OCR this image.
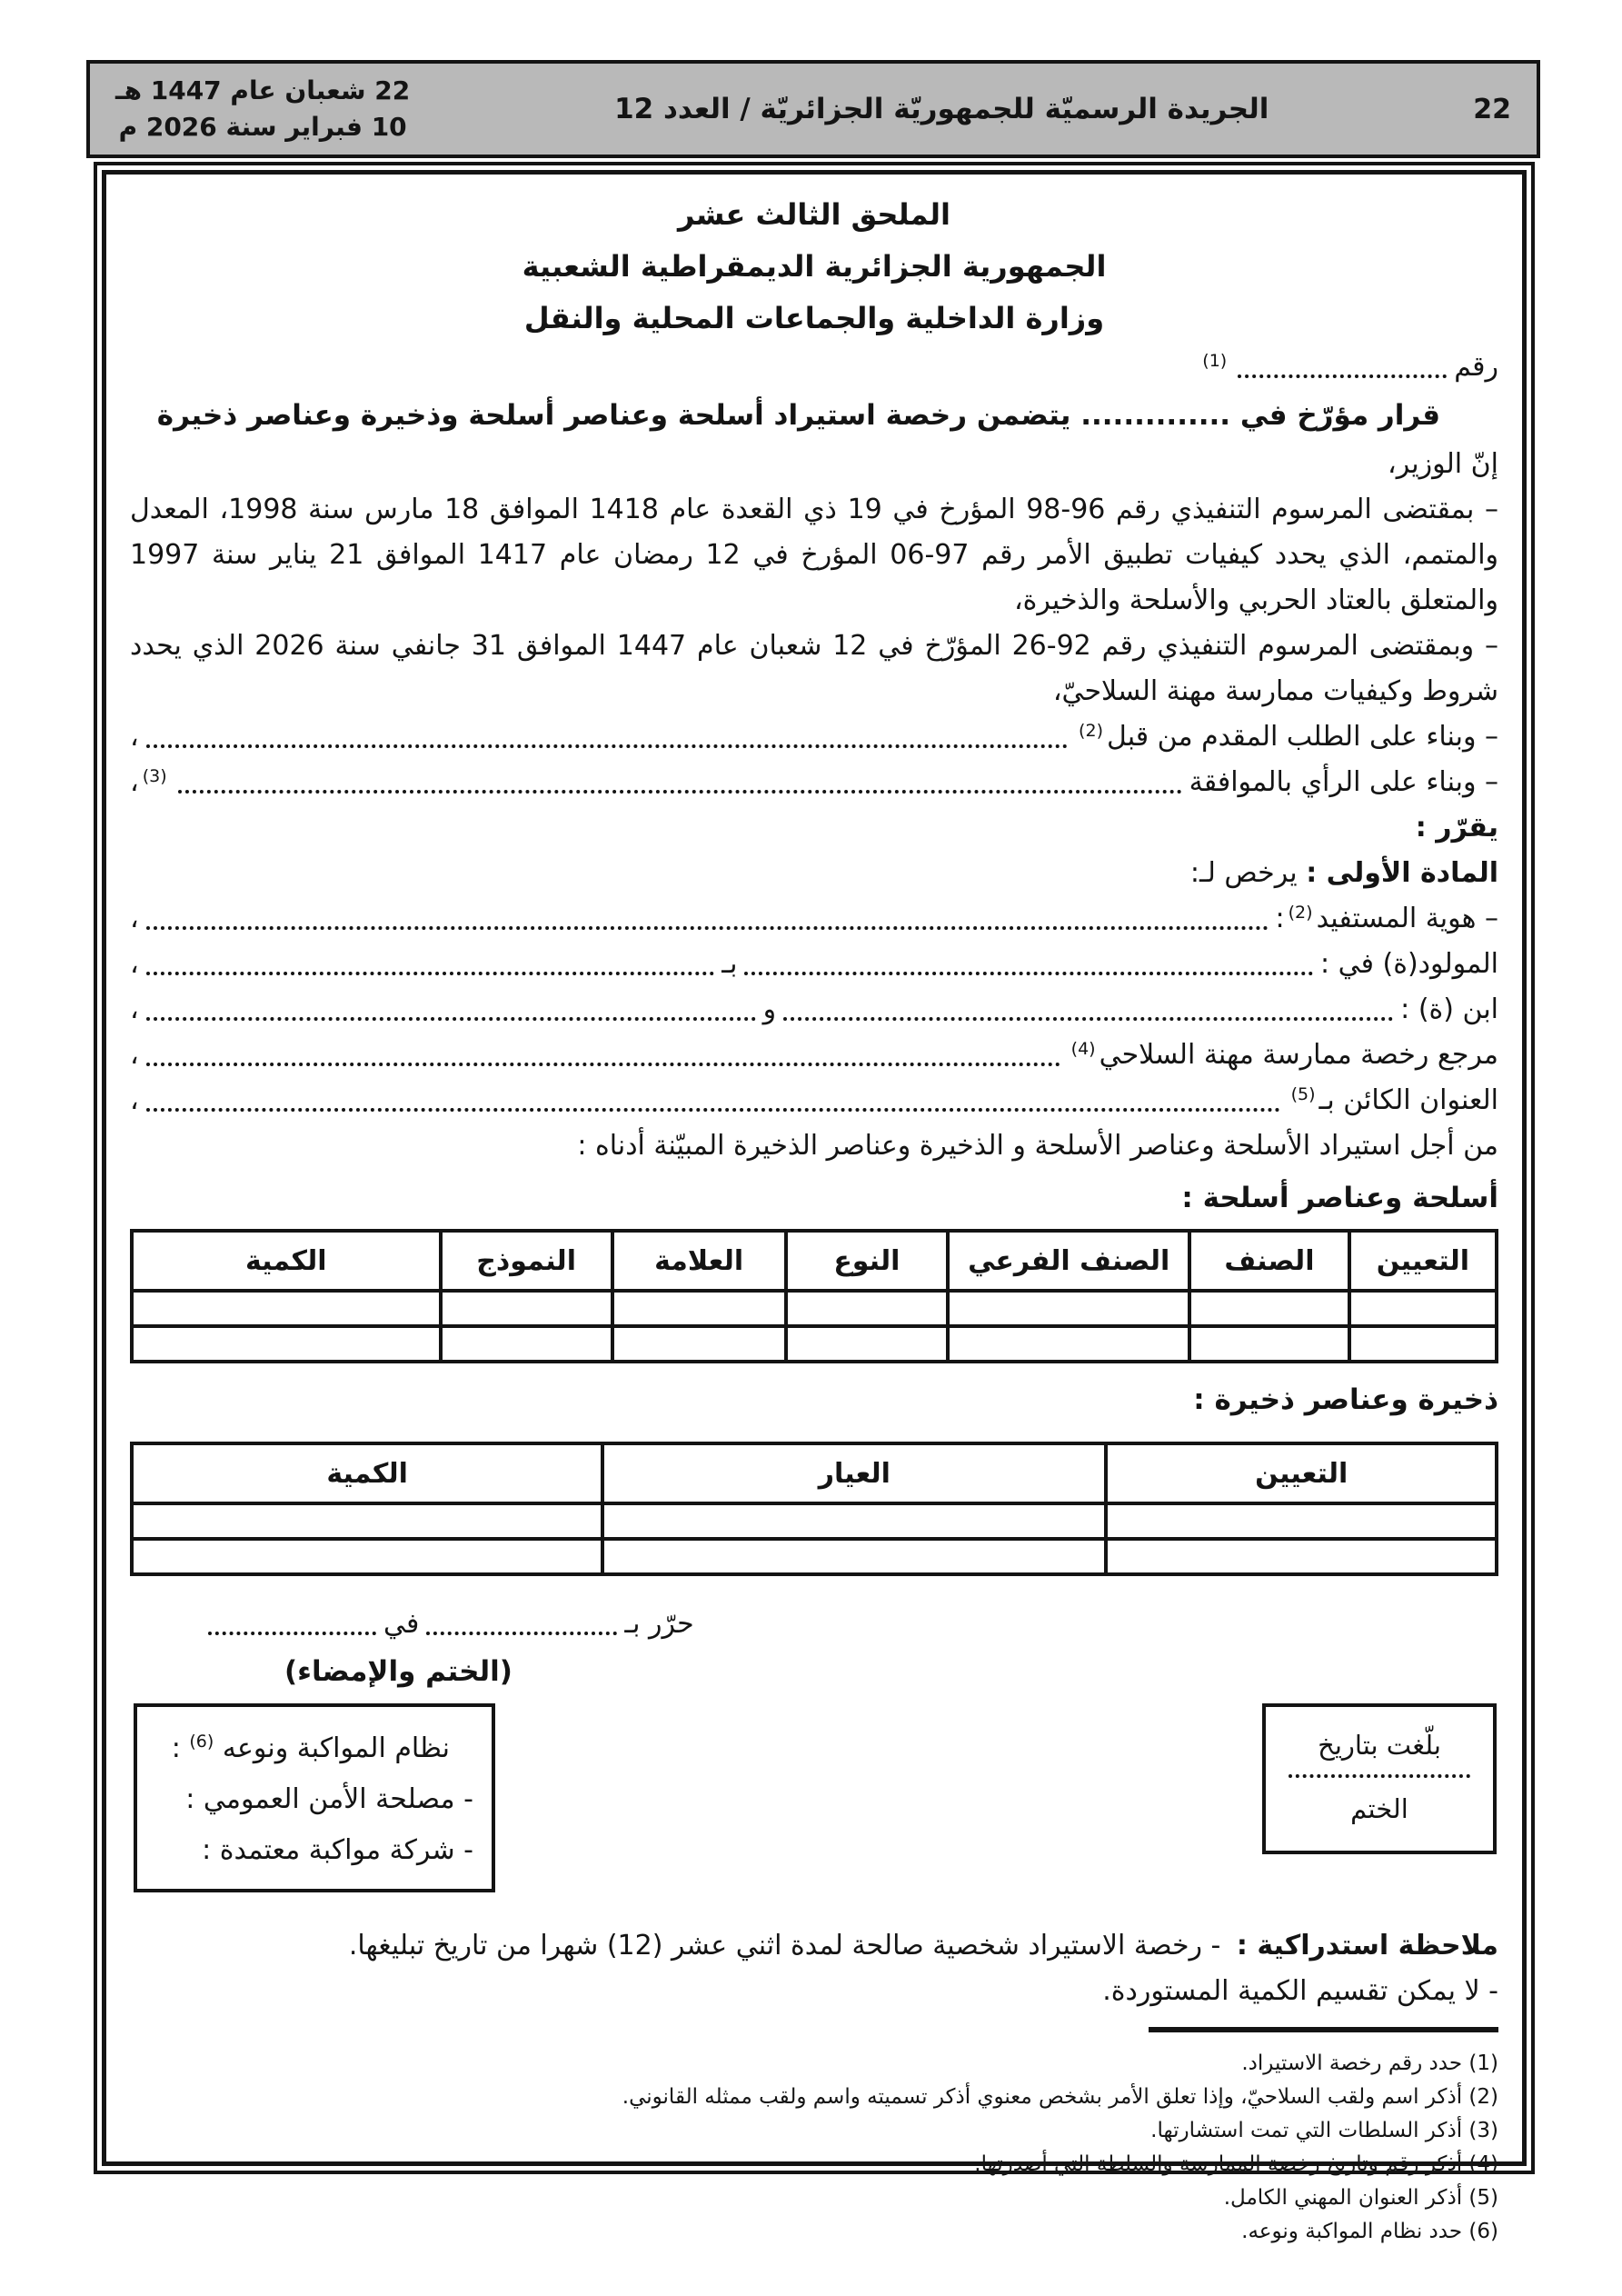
22 شعبان عام 1447 هـ
10 فبراير سنة 2026 م
الجريدة الرسميّة للجمهوريّة الجزائريّة / العدد 12	22
الملحق الثالث عشر
الجمهورية الجزائرية الديمقراطية الشعبية
وزارة الداخلية والجماعات المحلية والنقل
رقم
(1)
قرار مؤرّخ في .............. يتضمن رخصة استيراد أسلحة وعناصر أسلحة وذخيرة وعناصر ذخيرة
إنّ الوزير،
– بمقتضى المرسوم التنفيذي رقم 96-98 المؤرخ في 19 ذي القعدة عام 1418 الموافق 18 مارس سنة 1998، المعدل والمتمم، الذي يحدد كيفيات تطبيق الأمر رقم 97-06 المؤرخ في 12 رمضان عام 1417 الموافق 21 يناير سنة 1997 والمتعلق بالعتاد الحربي والأسلحة والذخيرة،
– وبمقتضى المرسوم التنفيذي رقم 92-26 المؤرّخ في 12 شعبان عام 1447 الموافق 31 جانفي سنة 2026 الذي يحدد شروط وكيفيات ممارسة مهنة السلاحيّ،
– وبناء على الطلب المقدم من قبل
(2)
،
– وبناء على الرأي بالموافقة
(3)
،
يقرّر :
المادة الأولى : يرخص لـ:
– هوية المستفيد
(2)
:
،
المولود(ة) في :
بـ
،
ابن (ة) :
و
،
مرجع رخصة ممارسة مهنة السلاحي
(4)
،
العنوان الكائن بـ
(5)
،
من أجل استيراد الأسلحة وعناصر الأسلحة و الذخيرة وعناصر الذخيرة المبيّنة أدناه :
أسلحة وعناصر أسلحة :
التعيين	الصنف	الصنف الفرعي	النوع	العلامة	النموذج	الكمية

ذخيرة وعناصر ذخيرة :
التعيين	العيار	الكمية

حرّر بـ
في
(الختم والإمضاء)
بلّغت بتاريخ
الختم
نظام المواكبة ونوعه $^{(6)}$ :
- مصلحة الأمن العمومي :
- شركة مواكبة معتمدة :
ملاحظة استدراكية : - رخصة الاستيراد شخصية صالحة لمدة اثني عشر (12) شهرا من تاريخ تبليغها.
- لا يمكن تقسيم الكمية المستوردة.
(1) حدد رقم رخصة الاستيراد.
(2) أذكر اسم ولقب السلاحيّ، وإذا تعلق الأمر بشخص معنوي أذكر تسميته واسم ولقب ممثله القانوني.
(3) أذكر السلطات التي تمت استشارتها.
(4) أذكر رقم وتاريخ رخصة الممارسة والسلطة التي أصدرتها.
(5) أذكر العنوان المهني الكامل.
(6) حدد نظام المواكبة ونوعه.
